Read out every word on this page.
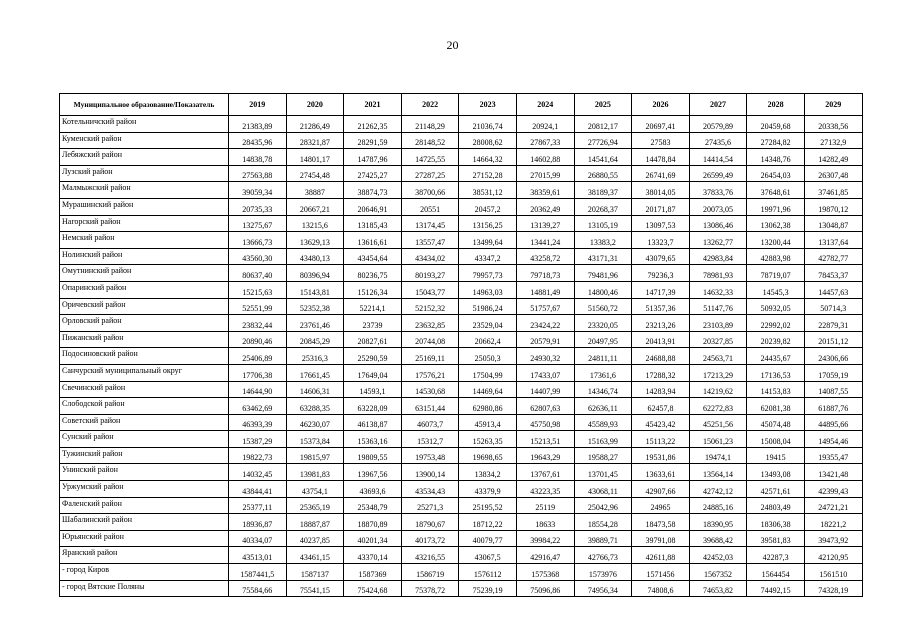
20
Муниципальное образование/Показатель	2019	2020	2021	2022	2023	2024	2025	2026	2027	2028	2029
Котельничский район	21383,89	21286,49	21262,35	21148,29	21036,74	20924,1	20812,17	20697,41	20579,89	20459,68	20338,56
Куменский район	28435,96	28321,87	28291,59	28148,52	28008,62	27867,33	27726,94	27583	27435,6	27284,82	27132,9
Лебяжский район	14838,78	14801,17	14787,96	14725,55	14664,32	14602,88	14541,64	14478,84	14414,54	14348,76	14282,49
Лузский район	27563,88	27454,48	27425,27	27287,25	27152,28	27015,99	26880,55	26741,69	26599,49	26454,03	26307,48
Малмыжский район	39059,34	38887	38874,73	38700,66	38531,12	38359,61	38189,37	38014,05	37833,76	37648,61	37461,85
Мурашинский район	20735,33	20667,21	20646,91	20551	20457,2	20362,49	20268,37	20171,87	20073,05	19971,96	19870,12
Нагорский район	13275,67	13215,6	13185,43	13174,45	13156,25	13139,27	13105,19	13097,53	13086,46	13062,38	13048,87
Немский район	13666,73	13629,13	13616,61	13557,47	13499,64	13441,24	13383,2	13323,7	13262,77	13200,44	13137,64
Нолинский район	43560,30	43480,13	43454,64	43434,02	43347,2	43258,72	43171,31	43079,65	42983,84	42883,98	42782,77
Омутнинский район	80637,40	80396,94	80236,75	80193,27	79957,73	79718,73	79481,96	79236,3	78981,93	78719,07	78453,37
Опаринский район	15215,63	15143,81	15126,34	15043,77	14963,03	14881,49	14800,46	14717,39	14632,33	14545,3	14457,63
Оричевский район	52551,99	52352,38	52214,1	52152,32	51986,24	51757,67	51560,72	51357,36	51147,76	50932,05	50714,3
Орловский район	23832,44	23761,46	23739	23632,85	23529,04	23424,22	23320,05	23213,26	23103,89	22992,02	22879,31
Пижанский район	20890,46	20845,29	20827,61	20744,08	20662,4	20579,91	20497,95	20413,91	20327,85	20239,82	20151,12
Подосиновский район	25406,89	25316,3	25290,59	25169,11	25050,3	24930,32	24811,11	24688,88	24563,71	24435,67	24306,66
Санчурский муниципальный округ	17706,38	17661,45	17649,04	17576,21	17504,99	17433,07	17361,6	17288,32	17213,29	17136,53	17059,19
Свечинский район	14644,90	14606,31	14593,1	14530,68	14469,64	14407,99	14346,74	14283,94	14219,62	14153,83	14087,55
Слободской район	63462,69	63288,35	63228,09	63151,44	62980,86	62807,63	62636,11	62457,8	62272,83	62081,38	61887,76
Советский район	46393,39	46230,07	46138,87	46073,7	45913,4	45750,98	45589,93	45423,42	45251,56	45074,48	44895,66
Сунский район	15387,29	15373,84	15363,16	15312,7	15263,35	15213,51	15163,99	15113,22	15061,23	15008,04	14954,46
Тужинский район	19822,73	19815,97	19809,55	19753,48	19698,65	19643,29	19588,27	19531,86	19474,1	19415	19355,47
Унинский район	14032,45	13981,83	13967,56	13900,14	13834,2	13767,61	13701,45	13633,61	13564,14	13493,08	13421,48
Уржумский район	43844,41	43754,1	43693,6	43534,43	43379,9	43223,35	43068,11	42907,66	42742,12	42571,61	42399,43
Фаленский район	25377,11	25365,19	25348,79	25271,3	25195,52	25119	25042,96	24965	24885,16	24803,49	24721,21
Шабалинский район	18936,87	18887,87	18870,89	18790,67	18712,22	18633	18554,28	18473,58	18390,95	18306,38	18221,2
Юрьянский район	40334,07	40237,85	40201,34	40173,72	40079,77	39984,22	39889,71	39791,08	39688,42	39581,83	39473,92
Яранский район	43513,01	43461,15	43370,14	43216,55	43067,5	42916,47	42766,73	42611,88	42452,03	42287,3	42120,95
- город Киров	1587441,5	1587137	1587369	1586719	1576112	1575368	1573976	1571456	1567352	1564454	1561510
- город Вятские Поляны	75584,66	75541,15	75424,68	75378,72	75239,19	75096,86	74956,34	74808,6	74653,82	74492,15	74328,19
